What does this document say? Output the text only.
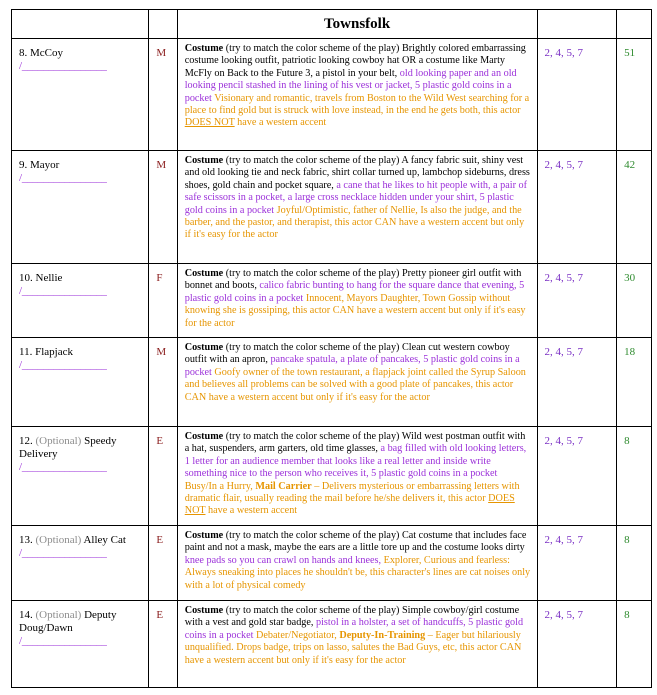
		Townsfolk		
8. McCoy
/________________	M	Costume (try to match the color scheme of the play) Brightly colored embarrassing costume looking outfit, patriotic looking cowboy hat OR a costume like Marty McFly on Back to the Future 3, a pistol in your belt, old looking paper and an old looking pencil stashed in the lining of his vest or jacket, 5 plastic gold coins in a pocket Visionary and romantic, travels from Boston to the Wild West searching for a place to find gold but is struck with love instead, in the end he gets both, this actor DOES NOT have a western accent	2, 4, 5, 7	51
9. Mayor
/________________	M	Costume (try to match the color scheme of the play) A fancy fabric suit, shiny vest and old looking tie and neck fabric, shirt collar turned up, lambchop sideburns, dress shoes, gold chain and pocket square, a cane that he likes to hit people with, a pair of safe scissors in a pocket, a large cross necklace hidden under your shirt, 5 plastic gold coins in a pocket Joyful/Optimistic, father of Nellie, Is also the judge, and the barber, and the pastor, and therapist, this actor CAN have a western accent but only if it's easy for the actor	2, 4, 5, 7	42
10. Nellie
/________________	F	Costume (try to match the color scheme of the play) Pretty pioneer girl outfit with bonnet and boots, calico fabric bunting to hang for the square dance that evening, 5 plastic gold coins in a pocket Innocent, Mayors Daughter, Town Gossip without knowing she is gossiping, this actor CAN have a western accent but only if it's easy for the actor	2, 4, 5, 7	30
11. Flapjack
/________________	M	Costume (try to match the color scheme of the play) Clean cut western cowboy outfit with an apron, pancake spatula, a plate of pancakes, 5 plastic gold coins in a pocket Goofy owner of the town restaurant, a flapjack joint called the Syrup Saloon and believes all problems can be solved with a good plate of pancakes, this actor CAN have a western accent but only if it's easy for the actor	2, 4, 5, 7	18
12. (Optional) Speedy Delivery
/________________	E	Costume (try to match the color scheme of the play) Wild west postman outfit with a hat, suspenders, arm garters, old time glasses, a bag filled with old looking letters, 1 letter for an audience member that looks like a real letter and inside write something nice to the person who receives it, 5 plastic gold coins in a pocket Busy/In a Hurry, Mail Carrier – Delivers mysterious or embarrassing letters with dramatic flair, usually reading the mail before he/she delivers it, this actor DOES NOT have a western accent	2, 4, 5, 7	8
13. (Optional) Alley Cat
/________________	E	Costume (try to match the color scheme of the play) Cat costume that includes face paint and not a mask, maybe the ears are a little tore up and the costume looks dirty knee pads so you can crawl on hands and knees, Explorer, Curious and fearless: Always sneaking into places he shouldn't be, this character's lines are cat noises only with a lot of physical comedy	2, 4, 5, 7	8
14. (Optional) Deputy Doug/Dawn
/________________	E	Costume (try to match the color scheme of the play) Simple cowboy/girl costume with a vest and gold star badge, pistol in a holster, a set of handcuffs, 5 plastic gold coins in a pocket Debater/Negotiator, Deputy-In-Training – Eager but hilariously unqualified. Drops badge, trips on lasso, salutes the Bad Guys, etc, this actor CAN have a western accent but only if it's easy for the actor	2, 4, 5, 7	8
